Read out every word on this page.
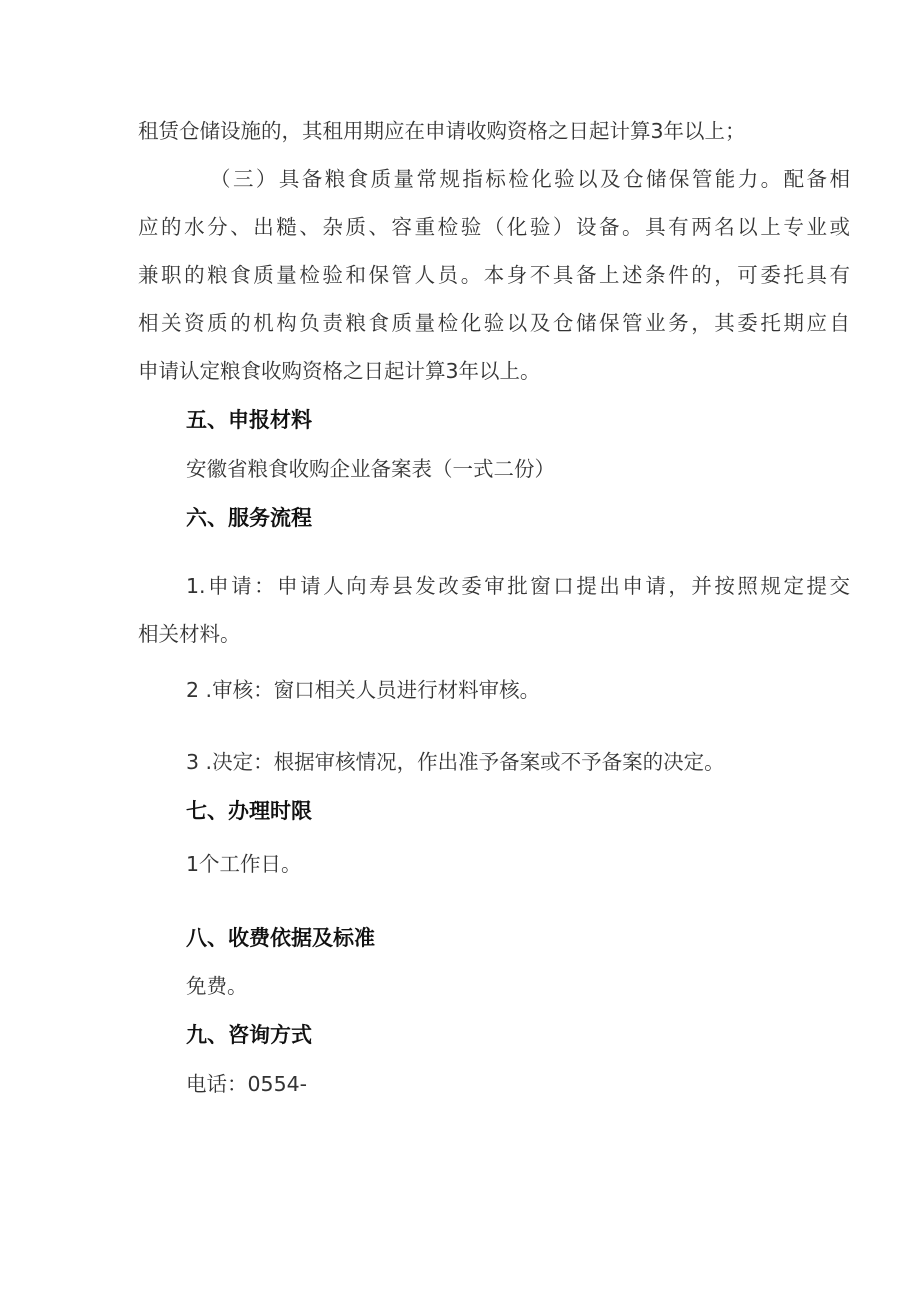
租赁仓储设施的，其租用期应在申请收购资格之日起计算3年以上；
（三）具备粮食质量常规指标检化验以及仓储保管能力。配备相
应的水分、出糙、杂质、容重检验（化验）设备。具有两名以上专业或
兼职的粮食质量检验和保管人员。本身不具备上述条件的，可委托具有
相关资质的机构负责粮食质量检化验以及仓储保管业务，其委托期应自
申请认定粮食收购资格之日起计算3年以上。
五、申报材料
安徽省粮食收购企业备案表（一式二份）
六、服务流程
1.申请：申请人向寿县发改委审批窗口提出申请，并按照规定提交
相关材料。
2 .审核：窗口相关人员进行材料审核。
3 .决定：根据审核情况，作出准予备案或不予备案的决定。
七、办理时限
1个工作日。
八、收费依据及标准
免费。
九、咨询方式
电话：0554-
